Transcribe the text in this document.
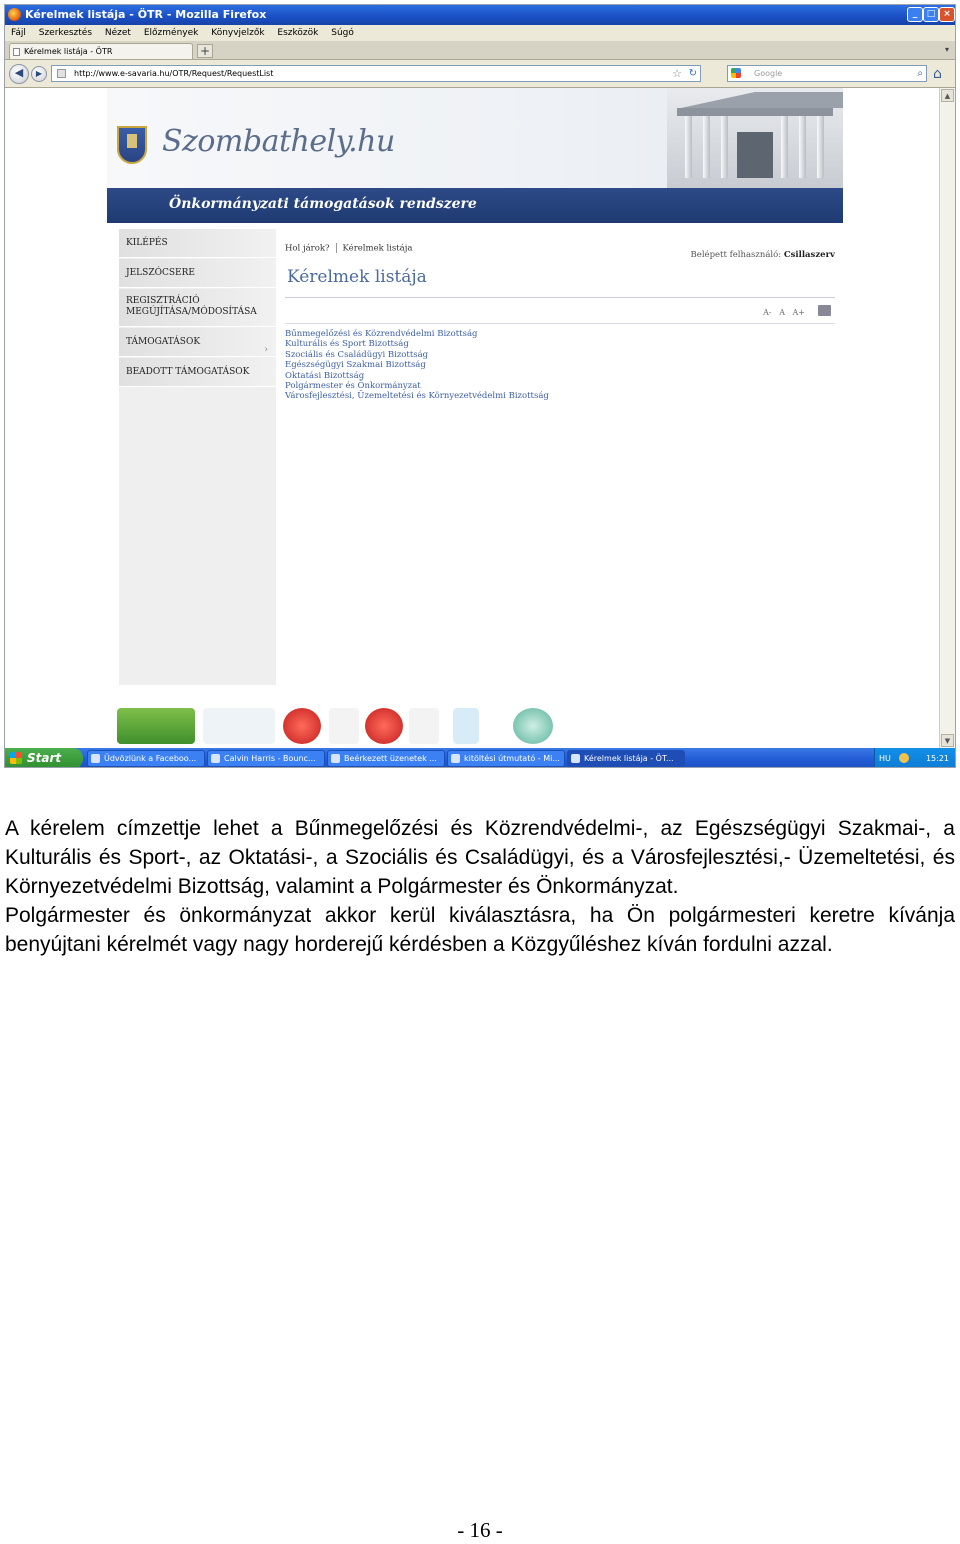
Kérelmek listája - ÖTR - Mozilla Firefox	_	□ ×
Fájl Szerkesztés Nézet Előzmények Könyvjelzők Eszközök Súgó
Kérelmek listája - ÖTR	+	▾
◀	▶	http://www.e-savaria.hu/OTR/Request/RequestList	☆ ↻	Google	⌕ ⌂
Szombathely.hu
Önkormányzati támogatások rendszere
KILÉPÉS
JELSZÓCSERE
REGISZTRÁCIÓ MEGÚJÍTÁSA/MÓDOSÍTÁSA
TÁMOGATÁSOK
›
BEADOTT TÁMOGATÁSOK
Hol járok? Kérelmek listája
Belépett felhasználó: Csillaszerv
Kérelmek listája
A- A A+
Bűnmegelőzési és Közrendvédelmi Bizottság
Kulturális és Sport Bizottság
Szociális és Családügyi Bizottság
Egészségügyi Szakmai Bizottság
Oktatási Bizottság
Polgármester és Önkormányzat
Városfejlesztési, Üzemeltetési és Környezetvédelmi Bizottság
▲
▼
Start	Üdvözlünk a Faceboo...	Calvin Harris - Bounc...	Beérkezett üzenetek ...	kitöltési útmutató - Mi...	Kérelmek listája - ÖT...	HU	15:21

A kérelem címzettje lehet a Bűnmegelőzési és Közrendvédelmi-, az Egészségügyi Szakmai-, a Kulturális és Sport-, az Oktatási-, a Szociális és Családügyi, és a Városfejlesztési,- Üzemeltetési, és Környezetvédelmi Bizottság, valamint a Polgármester és Önkormányzat.

Polgármester és önkormányzat akkor kerül kiválasztásra, ha Ön polgármesteri keretre kívánja benyújtani kérelmét vagy nagy horderejű kérdésben a Közgyűléshez kíván fordulni azzal.

- 16 -
